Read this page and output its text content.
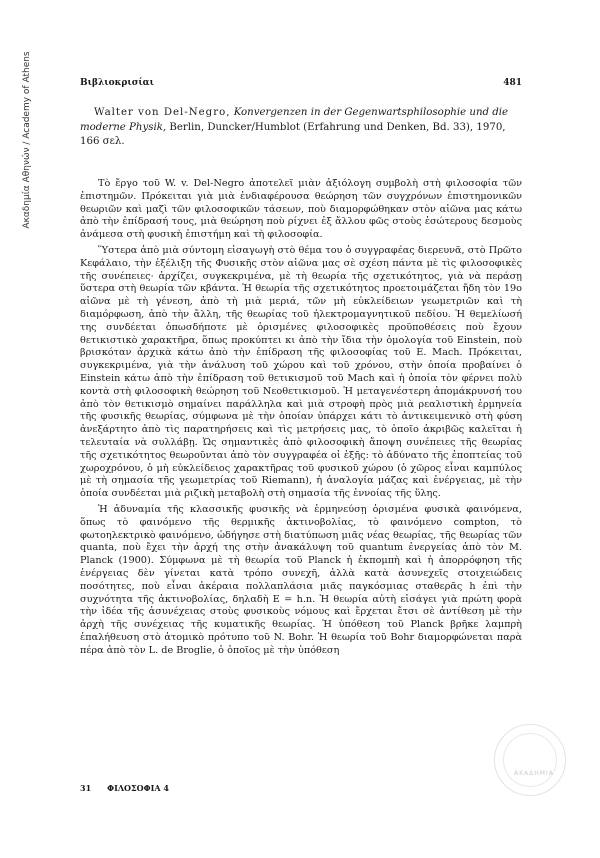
Ακαδημία Αθηνών / Academy of Athens	Βιβλιοκρισίαι	481
Walter von Del-Negro, Konvergenzen in der Gegenwartsphilosophie und die moderne Physik, Berlin, Duncker/Humblot (Erfahrung und Denken, Bd. 33), 1970, 166 σελ.

Τὸ ἔργο τοῦ W. v. Del-Negro ἀποτελεῖ μιὰν ἀξιόλογη συμβολὴ στὴ φιλοσοφία τῶν ἐπιστημῶν. Πρόκειται γιὰ μιὰ ἐνδιαφέρουσα θεώρηση τῶν συγχρόνων ἐπιστημονικῶν θεωριῶν καὶ μαζὶ τῶν φιλοσοφικῶν τάσεων, ποὺ διαμορφώθηκαν στὸν αἰῶνα μας κάτω ἀπὸ τὴν ἐπίδρασή τους, μιὰ θεώρηση ποὺ ρίχνει ἐξ ἄλλου φῶς στοὺς ἐσώτερους δεσμοὺς ἀνάμεσα στὴ φυσικὴ ἐπιστήμη καὶ τὴ φιλοσοφία.

Ὕστερα ἀπὸ μιὰ σύντομη εἰσαγωγὴ στὸ θέμα του ὁ συγγραφέας διερευνᾶ, στὸ Πρῶτο Κεφάλαιο, τὴν ἐξέλιξη τῆς Φυσικῆς στὸν αἰῶνα μας σὲ σχέση πάντα μὲ τὶς φιλοσοφικὲς τῆς συνέπειες· ἀρχίζει, συγκεκριμένα, μὲ τὴ θεωρία τῆς σχετικότητος, γιὰ νὰ περάσῃ ὕστερα στὴ θεωρία τῶν κβάντα. Ἡ θεωρία τῆς σχετικότητος προετοιμάζεται ἤδη τὸν 19ο αἰῶνα μὲ τὴ γένεση, ἀπὸ τὴ μιὰ μεριά, τῶν μὴ εὐκλείδειων γεωμετριῶν καὶ τὴ διαμόρφωση, ἀπὸ τὴν ἄλλη, τῆς θεωρίας τοῦ ἠλεκτρομαγνητικοῦ πεδίου. Ἡ θεμελίωσή της συνδέεται ὁπωσδήποτε μὲ ὁρισμένες φιλοσοφικὲς προϋποθέσεις ποὺ ἔχουν θετικιστικὸ χαρακτῆρα, ὅπως προκύπτει κι ἀπὸ τὴν ἴδια τὴν ὁμολογία τοῦ Einstein, ποὺ βρισκόταν ἀρχικὰ κάτω ἀπὸ τὴν ἐπίδραση τῆς φιλοσοφίας τοῦ E. Mach. Πρόκειται, συγκεκριμένα, γιὰ τὴν ἀνάλυση τοῦ χώρου καὶ τοῦ χρόνου, στὴν ὁποία προβαίνει ὁ Einstein κάτω ἀπὸ τὴν ἐπίδραση τοῦ θετικισμοῦ τοῦ Mach καὶ ἡ ὁποία τὸν φέρνει πολὺ κοντὰ στὴ φιλοσοφικὴ θεώρηση τοῦ Νεοθετικισμοῦ. Ἡ μεταγενέστερη ἀπομάκρυνσή του ἀπὸ τὸν θετικισμὸ σημαίνει παράλληλα καὶ μιὰ στροφὴ πρὸς μιὰ ρεαλιστικὴ ἑρμηνεία τῆς φυσικῆς θεωρίας, σύμφωνα μὲ τὴν ὁποίαν ὑπάρχει κάτι τὸ ἀντικειμενικὸ στὴ φύση ἀνεξάρτητο ἀπὸ τὶς παρατηρήσεις καὶ τὶς μετρήσεις μας, τὸ ὁποῖο ἀκριβῶς καλεῖται ἡ τελευταία νὰ συλλάβῃ. Ὡς σημαντικὲς ἀπὸ φιλοσοφικὴ ἄποψη συνέπειες τῆς θεωρίας τῆς σχετικότητος θεωροῦνται ἀπὸ τὸν συγγραφέα οἱ ἑξῆς: τὸ ἀδύνατο τῆς ἐποπτείας τοῦ χωροχρόνου, ὁ μὴ εὐκλείδειος χαρακτῆρας τοῦ φυσικοῦ χώρου (ὁ χῶρος εἶναι καμπύλος μὲ τὴ σημασία τῆς γεωμετρίας τοῦ Riemann), ἡ ἀναλογία μάζας καὶ ἐνέργειας, μὲ τὴν ὁποία συνδέεται μιὰ ριζικὴ μεταβολὴ στὴ σημασία τῆς ἐννοίας τῆς ὕλης.

Ἡ ἀδυναμία τῆς κλασσικῆς φυσικῆς νὰ ἑρμηνεύσῃ ὁρισμένα φυσικὰ φαινόμενα, ὅπως τὸ φαινόμενο τῆς θερμικῆς ἀκτινοβολίας, τὸ φαινόμενο compton, τὸ φωτοηλεκτρικὸ φαινόμενο, ὡδήγησε στὴ διατύπωση μιᾶς νέας θεωρίας, τῆς θεωρίας τῶν quanta, ποὺ ἔχει τὴν ἀρχή της στὴν ἀνακάλυψη τοῦ quantum ἐνεργείας ἀπὸ τὸν M. Planck (1900). Σύμφωνα μὲ τὴ θεωρία τοῦ Planck ἡ ἐκπομπὴ καὶ ἡ ἀπορρόφηση τῆς ἐνέργειας δὲν γίνεται κατὰ τρόπο συνεχῆ, ἀλλὰ κατὰ ἀσυνεχεῖς στοιχειώδεις ποσότητες, ποὺ εἶναι ἀκέραια πολλαπλάσια μιᾶς παγκόσμιας σταθερᾶς h ἐπὶ τὴν συχνότητα τῆς ἀκτινοβολίας, δηλαδὴ E = h.n. Ἡ θεωρία αὐτὴ εἰσάγει γιὰ πρώτη φορὰ τὴν ἰδέα τῆς ἀσυνέχειας στοὺς φυσικοὺς νόμους καὶ ἔρχεται ἔτσι σὲ ἀντίθεση μὲ τὴν ἀρχὴ τῆς συνέχειας τῆς κυματικῆς θεωρίας. Ἡ ὑπόθεση τοῦ Planck βρῆκε λαμπρὴ ἐπαλήθευση στὸ ἀτομικὸ πρότυπο τοῦ N. Bohr. Ἡ θεωρία τοῦ Bohr διαμορφώνεται παρὰ πέρα ἀπὸ τὸν L. de Broglie, ὁ ὁποῖος μὲ τὴν ὑπόθεση

ΑΚΑΔΗΜΙΑ
31 ΦΙΛΟΣΟΦΙΑ 4
